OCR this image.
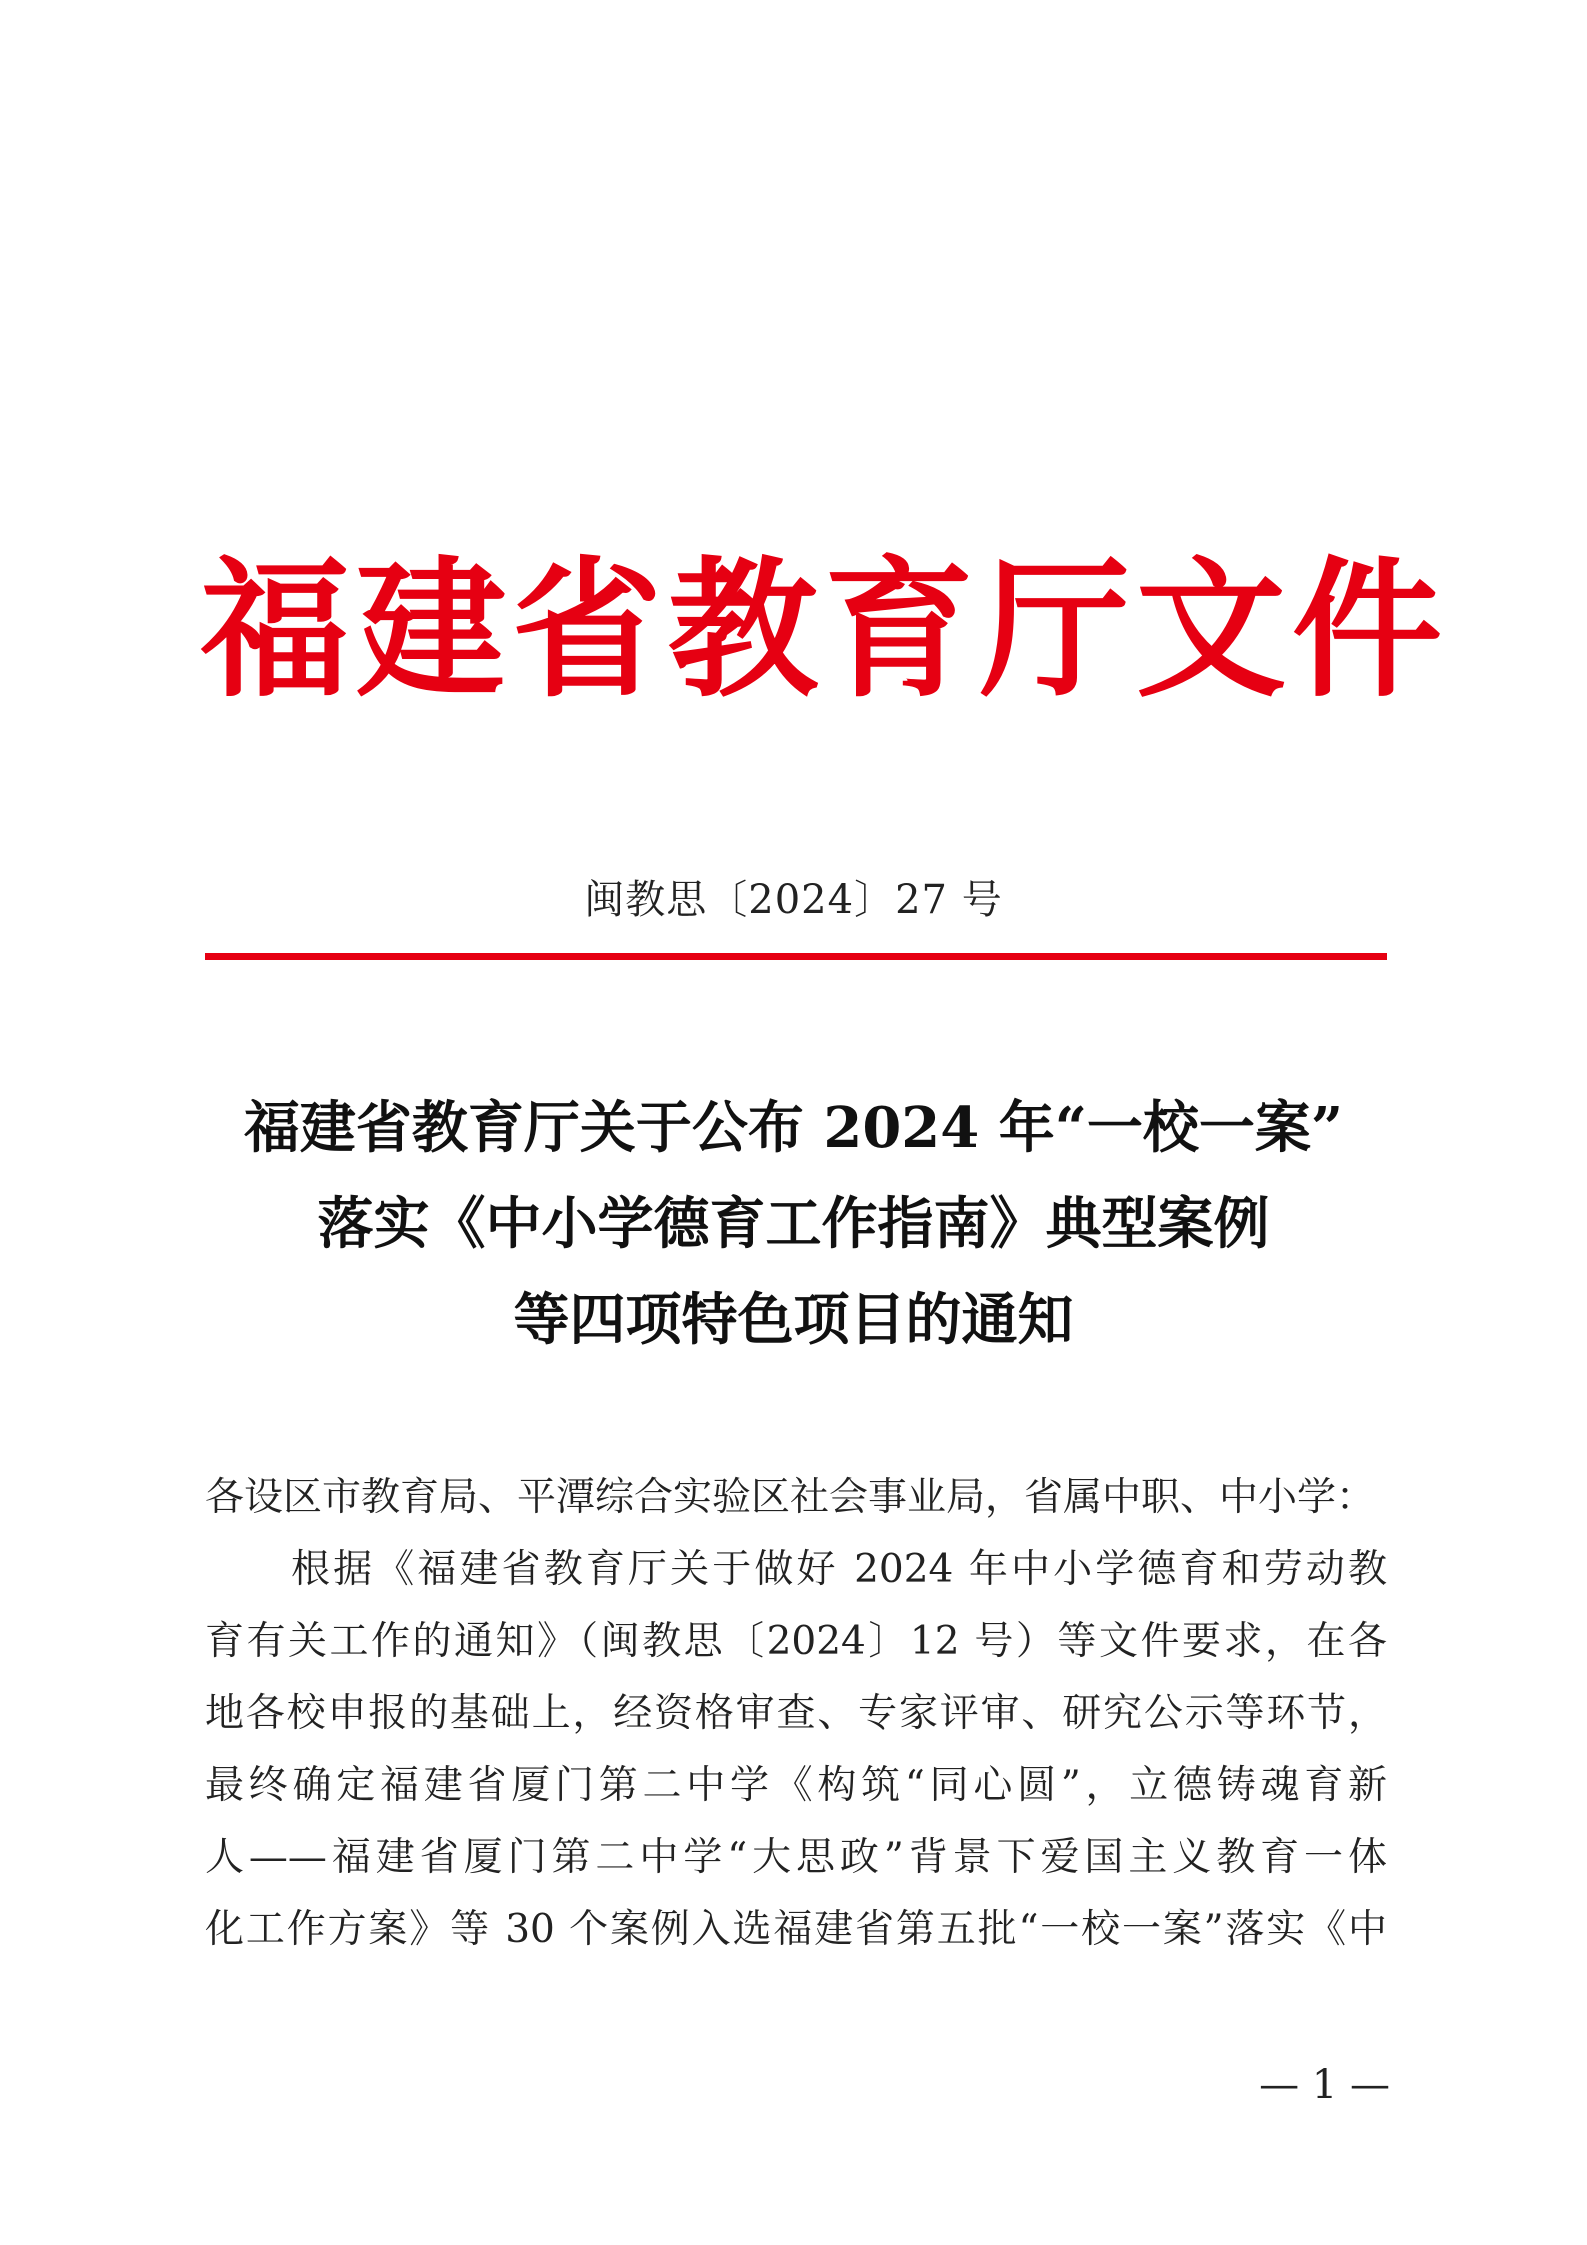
福建省教育厅文件
闽教思〔2024〕27 号
福建省教育厅关于公布 2024 年“一校一案”
落实《中小学德育工作指南》典型案例
等四项特色项目的通知
各设区市教育局、平潭综合实验区社会事业局，省属中职、中小学：
根据《福建省教育厅关于做好 2024 年中小学德育和劳动教
育有关工作的通知》（闽教思〔2024〕12 号）等文件要求，在各
地各校申报的基础上，经资格审查、专家评审、研究公示等环节，
最终确定福建省厦门第二中学《构筑“同心圆”，立德铸魂育新
人——福建省厦门第二中学“大思政”背景下爱国主义教育一体
化工作方案》等 30 个案例入选福建省第五批“一校一案”落实《中
— 1 —
